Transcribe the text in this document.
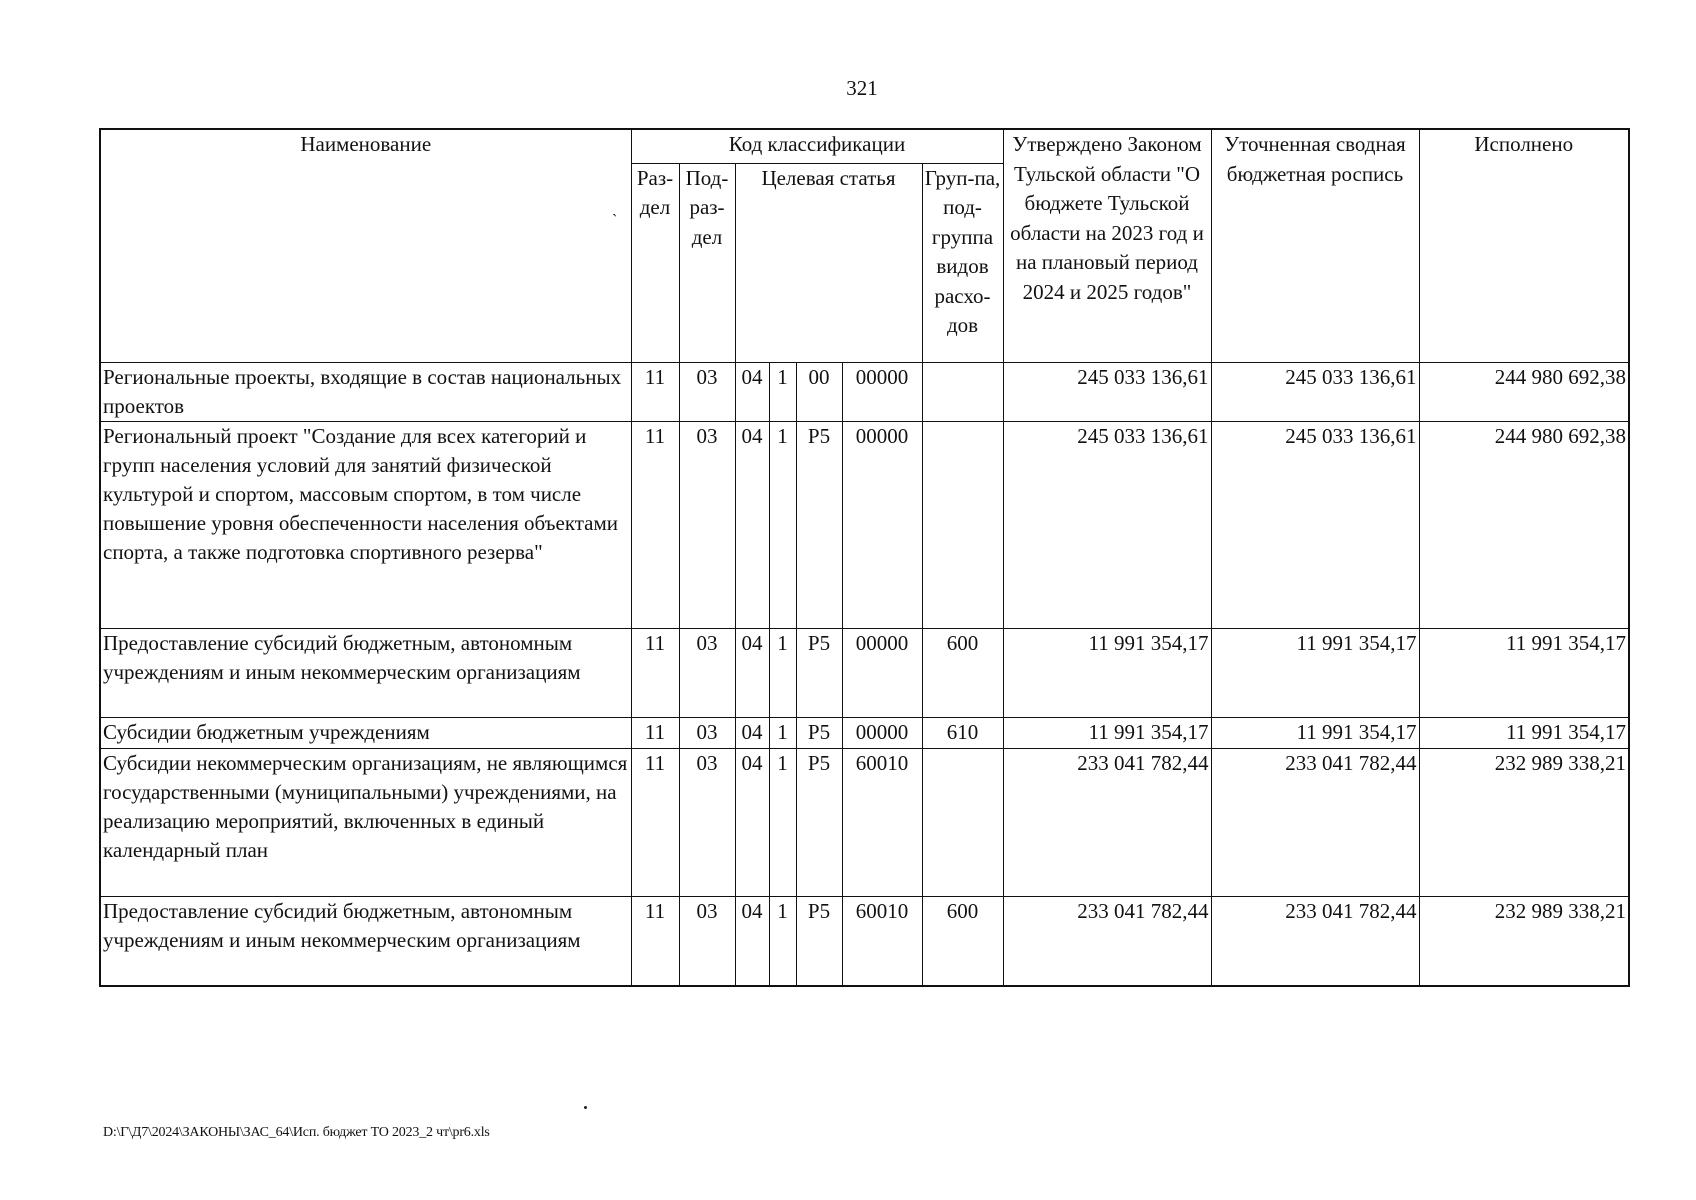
321
Наименование	Код классификации							Утверждено Законом Тульской области "О бюджете Тульской области на 2023 год и на плановый период 2024 и 2025 годов"	Уточненная сводная бюджетная роспись	Исполнено
	Раз-дел	Под-раз-дел	Целевая статья				Груп-па, под-группа видов расхо-дов			
Региональные проекты, входящие в состав национальных проектов	11	03	04	1	00	00000		245 033 136,61	245 033 136,61	244 980 692,38
Региональный проект "Создание для всех категорий и групп населения условий для занятий физической культурой и спортом, массовым спортом, в том числе повышение уровня обеспеченности населения объектами спорта, а также подготовка спортивного резерва"	11	03	04	1	Р5	00000		245 033 136,61	245 033 136,61	244 980 692,38
Предоставление субсидий бюджетным, автономным учреждениям и иным некоммерческим организациям	11	03	04	1	Р5	00000	600	11 991 354,17	11 991 354,17	11 991 354,17
Субсидии бюджетным учреждениям	11	03	04	1	Р5	00000	610	11 991 354,17	11 991 354,17	11 991 354,17
Субсидии некоммерческим организациям, не являющимся государственными (муниципальными) учреждениями, на реализацию мероприятий, включенных в единый календарный план	11	03	04	1	Р5	60010		233 041 782,44	233 041 782,44	232 989 338,21
Предоставление субсидий бюджетным, автономным учреждениям и иным некоммерческим организациям	11	03	04	1	Р5	60010	600	233 041 782,44	233 041 782,44	232 989 338,21
`
D:\Г\Д7\2024\ЗАКОНЫ\ЗАС_64\Исп. бюджет ТО 2023_2 чт\pr6.xls
